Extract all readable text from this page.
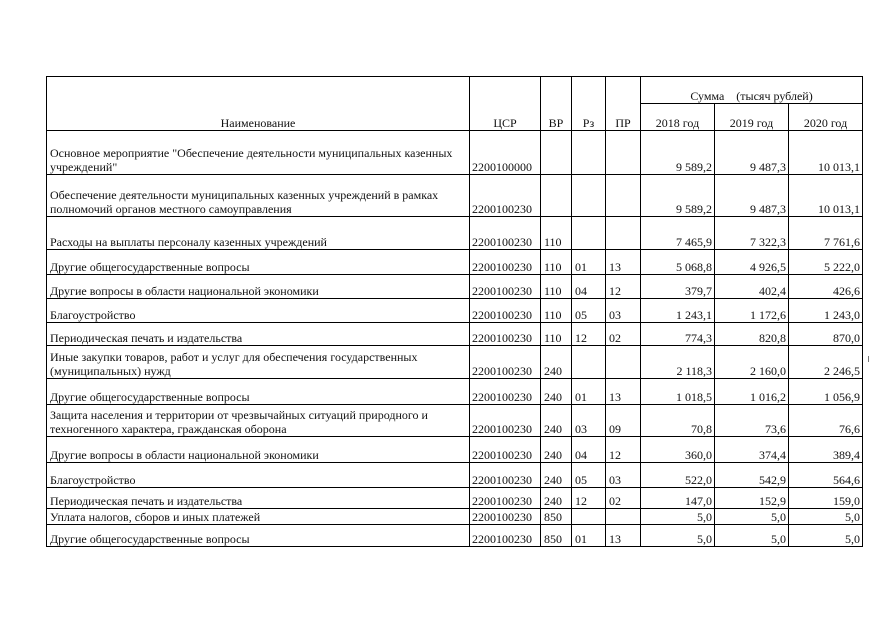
Наименование	ЦСР	ВР	Рз	ПР	Сумма    (тысяч рублей)		
					2018 год	2019 год	2020 год
Основное мероприятие "Обеспечение деятельности муниципальных казенных учреждений"	2200100000				9 589,2	9 487,3	10 013,1
Обеспечение деятельности муниципальных казенных учреждений в рамках полномочий органов местного самоуправления	2200100230				9 589,2	9 487,3	10 013,1
Расходы на выплаты персоналу казенных учреждений	2200100230	110			7 465,9	7 322,3	7 761,6
Другие общегосударственные вопросы	2200100230	110	01	13	5 068,8	4 926,5	5 222,0
Другие вопросы в области национальной экономики	2200100230	110	04	12	379,7	402,4	426,6
Благоустройство	2200100230	110	05	03	1 243,1	1 172,6	1 243,0
Периодическая печать и издательства	2200100230	110	12	02	774,3	820,8	870,0
Иные закупки товаров, работ и услуг для обеспечения государственных (муниципальных) нужд	2200100230	240			2 118,3	2 160,0	2 246,5
Другие общегосударственные вопросы	2200100230	240	01	13	1 018,5	1 016,2	1 056,9
Защита населения и территории от чрезвычайных ситуаций природного и техногенного характера, гражданская оборона	2200100230	240	03	09	70,8	73,6	76,6
Другие вопросы в области национальной экономики	2200100230	240	04	12	360,0	374,4	389,4
Благоустройство	2200100230	240	05	03	522,0	542,9	564,6
Периодическая печать и издательства	2200100230	240	12	02	147,0	152,9	159,0
Уплата налогов, сборов и иных платежей	2200100230	850			5,0	5,0	5,0
Другие общегосударственные вопросы	2200100230	850	01	13	5,0	5,0	5,0
